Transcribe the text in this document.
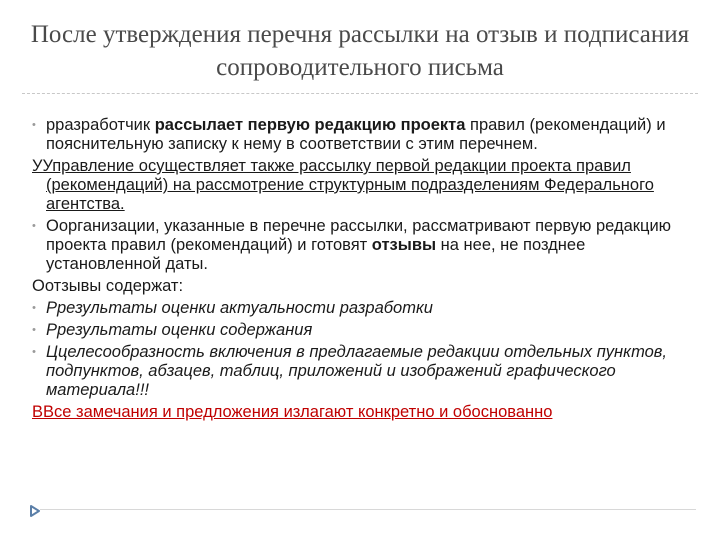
После утверждения перечня рассылки на отзыв и подписания сопроводительного письма

• рразработчик рассылает первую редакцию проекта правил (рекомендаций) и пояснительную записку к нему в соответствии с этим перечнем.

УУправление осуществляет также рассылку первой редакции проекта правил (рекомендаций) на рассмотрение структурным подразделениям Федерального агентства.

• Оорганизации, указанные в перечне рассылки, рассматривают первую редакцию проекта правил (рекомендаций) и готовят отзывы на нее, не позднее установленной даты.

Оотзывы содержат:

• Ррезультаты оценки актуальности разработки

• Ррезультаты оценки содержания

• Ццелесообразность включения в предлагаемые редакции отдельных пунктов, подпунктов, абзацев, таблиц, приложений и изображений графического материала!!!

ВВсе замечания и предложения излагают конкретно и обоснованно
